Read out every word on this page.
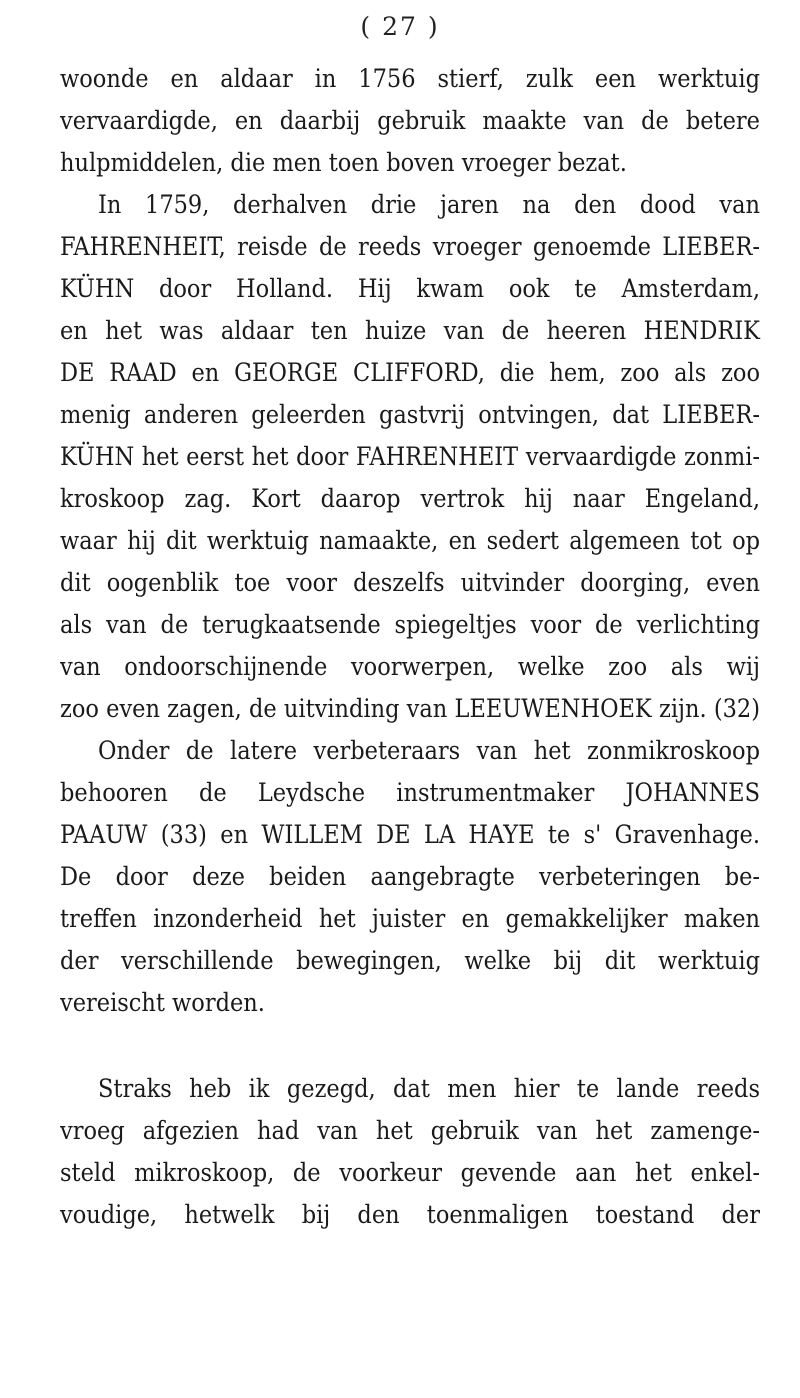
( 27 )
woonde en aldaar in 1756 stierf, zulk een werktuig
vervaardigde, en daarbij gebruik maakte van de betere
hulpmiddelen, die men toen boven vroeger bezat.
In 1759, derhalven drie jaren na den dood van
FAHRENHEIT, reisde de reeds vroeger genoemde LIEBER-
KÜHN door Holland. Hij kwam ook te Amsterdam,
en het was aldaar ten huize van de heeren HENDRIK
DE RAAD en GEORGE CLIFFORD, die hem, zoo als zoo
menig anderen geleerden gastvrij ontvingen, dat LIEBER-
KÜHN het eerst het door FAHRENHEIT vervaardigde zonmi-
kroskoop zag. Kort daarop vertrok hij naar Engeland,
waar hij dit werktuig namaakte, en sedert algemeen tot op
dit oogenblik toe voor deszelfs uitvinder doorging, even
als van de terugkaatsende spiegeltjes voor de verlichting
van ondoorschijnende voorwerpen, welke zoo als wij
zoo even zagen, de uitvinding van LEEUWENHOEK zijn. (32)
Onder de latere verbeteraars van het zonmikroskoop
behooren de Leydsche instrumentmaker JOHANNES
PAAUW (33) en WILLEM DE LA HAYE te s' Gravenhage.
De door deze beiden aangebragte verbeteringen be-
treffen inzonderheid het juister en gemakkelijker maken
der verschillende bewegingen, welke bij dit werktuig
vereischt worden.
Straks heb ik gezegd, dat men hier te lande reeds
vroeg afgezien had van het gebruik van het zamenge-
steld mikroskoop, de voorkeur gevende aan het enkel-
voudige, hetwelk bij den toenmaligen toestand der
